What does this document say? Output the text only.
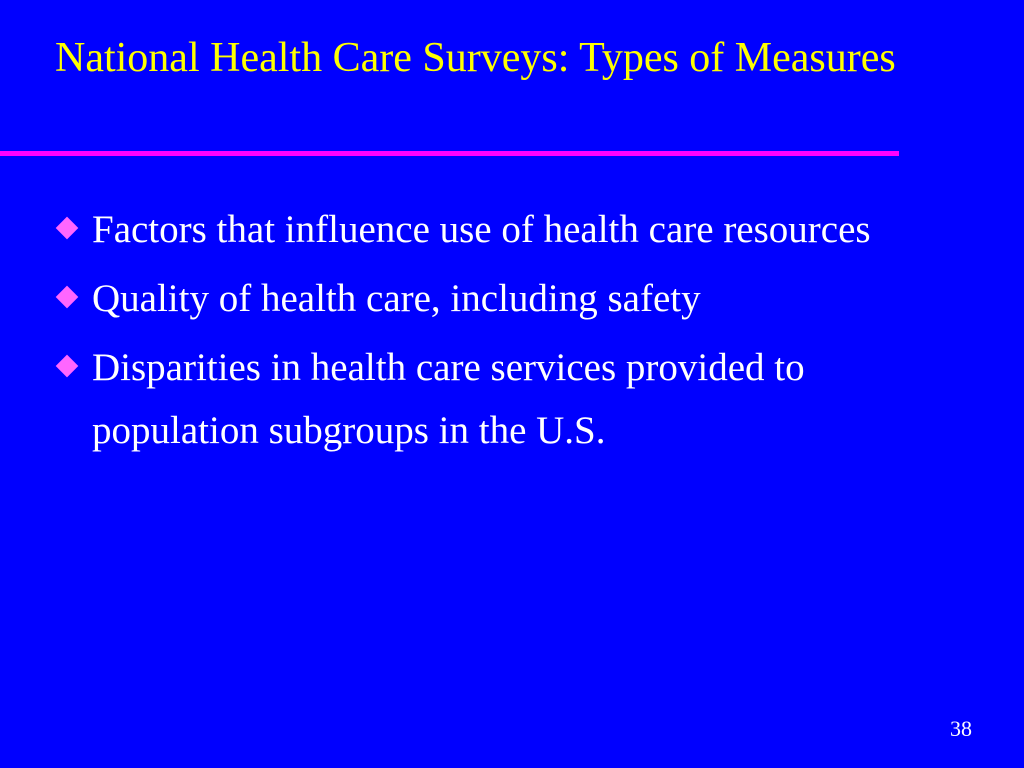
National Health Care Surveys: Types of Measures
Factors that influence use of health care resources
Quality of health care, including safety
Disparities in health care services provided to population subgroups in the U.S.
38
